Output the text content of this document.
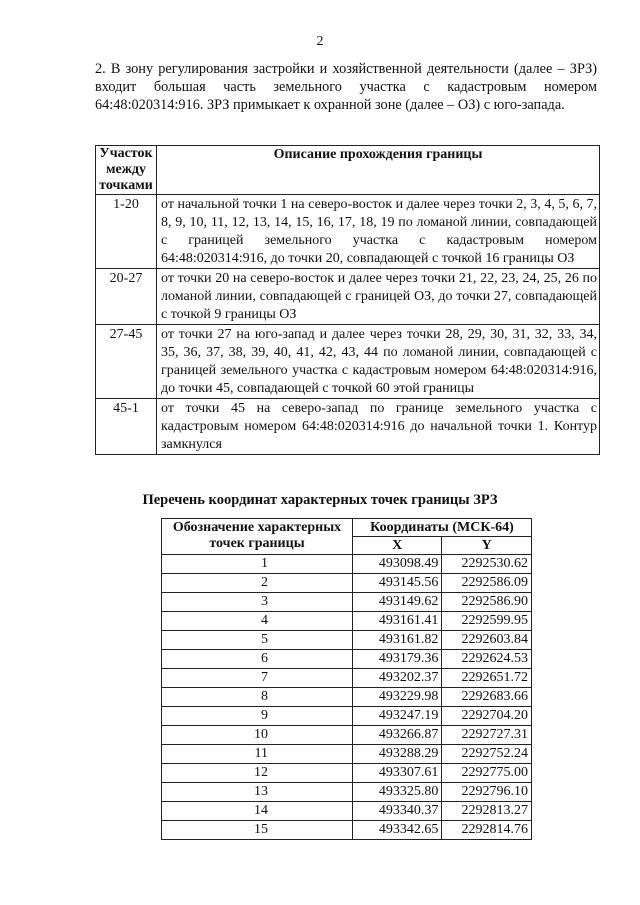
2

2. В зону регулирования застройки и хозяйственной деятельности (далее – ЗРЗ) входит большая часть земельного участка с кадастровым номером 64:48:020314:916. ЗРЗ примыкает к охранной зоне (далее – ОЗ) с юго-запада.

Участок между точками	Описание прохождения границы
1-20	от начальной точки 1 на северо-восток и далее через точки 2, 3, 4, 5, 6, 7, 8, 9, 10, 11, 12, 13, 14, 15, 16, 17, 18, 19 по ломаной линии, совпадающей с границей земельного участка с кадастровым номером 64:48:020314:916, до точки 20, совпадающей с точкой 16 границы ОЗ
20-27	от точки 20 на северо-восток и далее через точки 21, 22, 23, 24, 25, 26 по ломаной линии, совпадающей с границей ОЗ, до точки 27, совпадающей с точкой 9 границы ОЗ
27-45	от точки 27 на юго-запад и далее через точки 28, 29, 30, 31, 32, 33, 34, 35, 36, 37, 38, 39, 40, 41, 42, 43, 44 по ломаной линии, совпадающей с границей земельного участка с кадастровым номером 64:48:020314:916, до точки 45, совпадающей с точкой 60 этой границы
45-1	от точки 45 на северо-запад по границе земельного участка с кадастровым номером 64:48:020314:916 до начальной точки 1. Контур замкнулся
Перечень координат характерных точек границы ЗРЗ
Обозначение характерных точек границы	Координаты (МСК-64)	
	X	Y
1	493098.49	2292530.62
2	493145.56	2292586.09
3	493149.62	2292586.90
4	493161.41	2292599.95
5	493161.82	2292603.84
6	493179.36	2292624.53
7	493202.37	2292651.72
8	493229.98	2292683.66
9	493247.19	2292704.20
10	493266.87	2292727.31
11	493288.29	2292752.24
12	493307.61	2292775.00
13	493325.80	2292796.10
14	493340.37	2292813.27
15	493342.65	2292814.76
